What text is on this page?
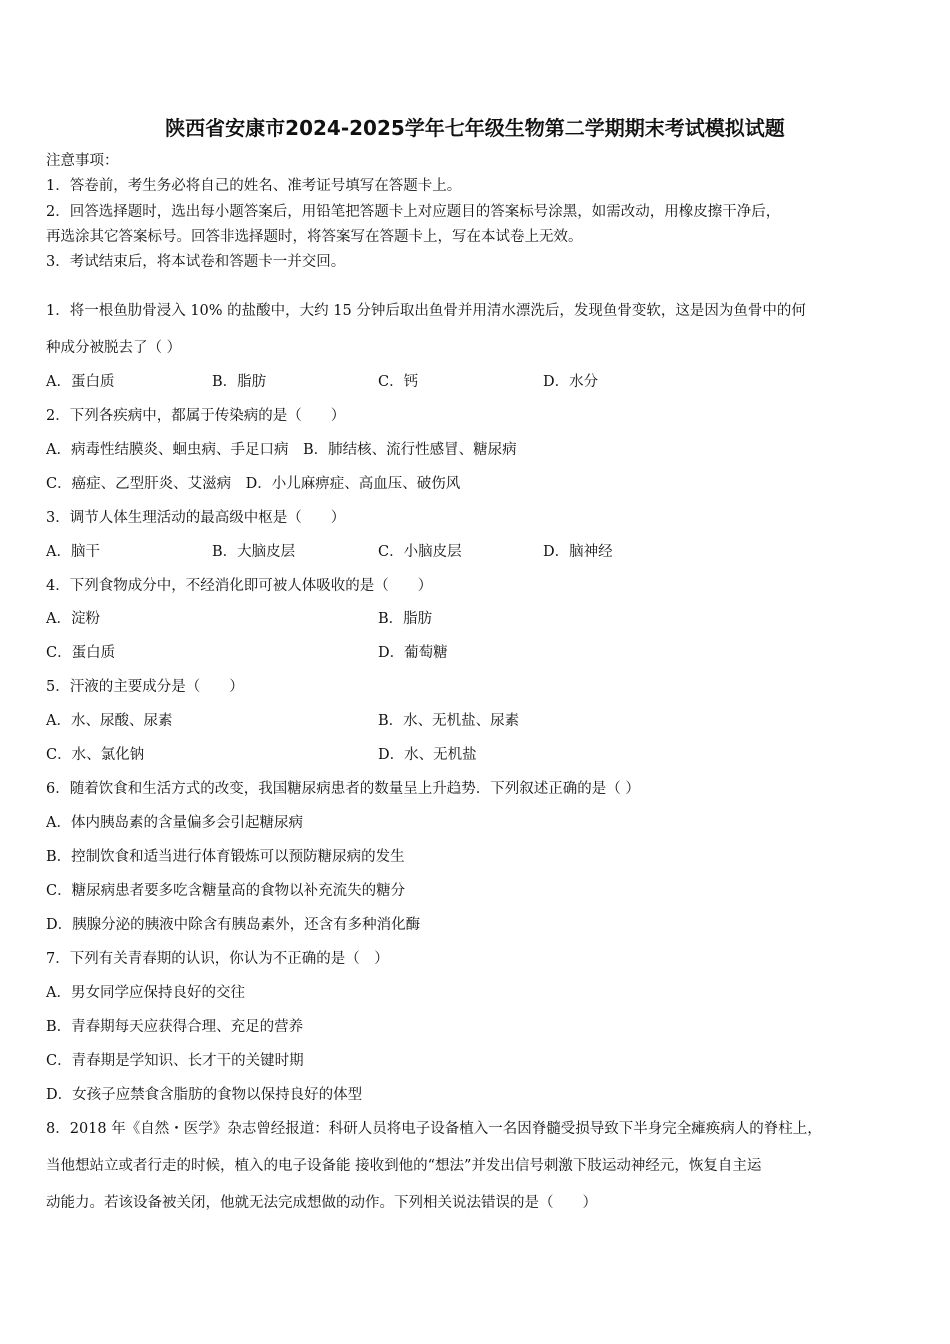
陕西省安康市2024-2025学年七年级生物第二学期期末考试模拟试题
注意事项：
1．答卷前，考生务必将自己的姓名、准考证号填写在答题卡上。
2．回答选择题时，选出每小题答案后，用铅笔把答题卡上对应题目的答案标号涂黑，如需改动，用橡皮擦干净后，
再选涂其它答案标号。回答非选择题时，将答案写在答题卡上，写在本试卷上无效。
3．考试结束后，将本试卷和答题卡一并交回。
1．将一根鱼肋骨浸入 10% 的盐酸中，大约 15 分钟后取出鱼骨并用清水漂洗后，发现鱼骨变软，这是因为鱼骨中的何
种成分被脱去了（ ）
A．蛋白质	B．脂肪	C．钙	D．水分
2．下列各疾病中，都属于传染病的是（　　）
A．病毒性结膜炎、蛔虫病、手足口病　B．肺结核、流行性感冒、糖尿病
C．癌症、乙型肝炎、艾滋病　D．小儿麻痹症、高血压、破伤风
3．调节人体生理活动的最高级中枢是（　　）
A．脑干	B．大脑皮层	C．小脑皮层	D．脑神经
4．下列食物成分中，不经消化即可被人体吸收的是（　　）
A．淀粉	B．脂肪
C．蛋白质	D．葡萄糖
5．汗液的主要成分是（　　）
A．水、尿酸、尿素	B．水、无机盐、尿素
C．水、氯化钠	D．水、无机盐
6．随着饮食和生活方式的改变，我国糖尿病患者的数量呈上升趋势．下列叙述正确的是（ ）
A．体内胰岛素的含量偏多会引起糖尿病
B．控制饮食和适当进行体育锻炼可以预防糖尿病的发生
C．糖尿病患者要多吃含糖量高的食物以补充流失的糖分
D．胰腺分泌的胰液中除含有胰岛素外，还含有多种消化酶
7．下列有关青春期的认识，你认为不正确的是（　）
A．男女同学应保持良好的交往
B．青春期每天应获得合理、充足的营养
C．青春期是学知识、长才干的关键时期
D．女孩子应禁食含脂肪的食物以保持良好的体型
8．2018 年《自然・医学》杂志曾经报道：科研人员将电子设备植入一名因脊髓受损导致下半身完全瘫痪病人的脊柱上，
当他想站立或者行走的时候，植入的电子设备能 接收到他的“想法”并发出信号刺激下肢运动神经元，恢复自主运
动能力。若该设备被关闭，他就无法完成想做的动作。下列相关说法错误的是（　　）
